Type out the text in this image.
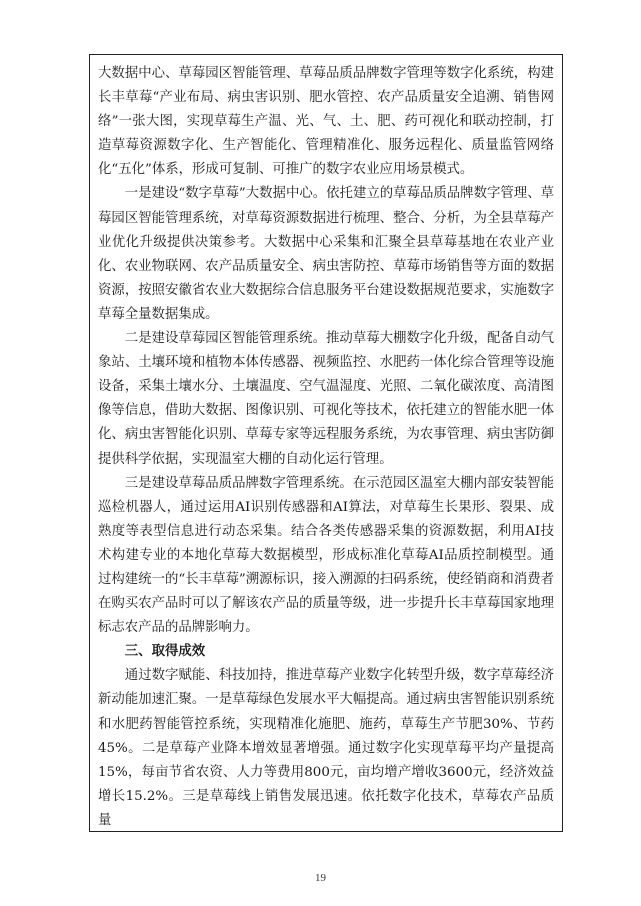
大数据中心、草莓园区智能管理、草莓品质品牌数字管理等数字化系统，构建长丰草莓“产业布局、病虫害识别、肥水管控、农产品质量安全追溯、销售网络”一张大图，实现草莓生产温、光、气、土、肥、药可视化和联动控制，打造草莓资源数字化、生产智能化、管理精准化、服务远程化、质量监管网络化“五化”体系，形成可复制、可推广的数字农业应用场景模式。

一是建设“数字草莓”大数据中心。依托建立的草莓品质品牌数字管理、草莓园区智能管理系统，对草莓资源数据进行梳理、整合、分析，为全县草莓产业优化升级提供决策参考。大数据中心采集和汇聚全县草莓基地在农业产业化、农业物联网、农产品质量安全、病虫害防控、草莓市场销售等方面的数据资源，按照安徽省农业大数据综合信息服务平台建设数据规范要求，实施数字草莓全量数据集成。

二是建设草莓园区智能管理系统。推动草莓大棚数字化升级，配备自动气象站、土壤环境和植物本体传感器、视频监控、水肥药一体化综合管理等设施设备，采集土壤水分、土壤温度、空气温湿度、光照、二氧化碳浓度、高清图像等信息，借助大数据、图像识别、可视化等技术，依托建立的智能水肥一体化、病虫害智能化识别、草莓专家等远程服务系统，为农事管理、病虫害防御提供科学依据，实现温室大棚的自动化运行管理。

三是建设草莓品质品牌数字管理系统。在示范园区温室大棚内部安装智能巡检机器人，通过运用AI识别传感器和AI算法，对草莓生长果形、裂果、成熟度等表型信息进行动态采集。结合各类传感器采集的资源数据，利用AI技术构建专业的本地化草莓大数据模型，形成标准化草莓AI品质控制模型。通过构建统一的“长丰草莓”溯源标识，接入溯源的扫码系统，使经销商和消费者在购买农产品时可以了解该农产品的质量等级，进一步提升长丰草莓国家地理标志农产品的品牌影响力。

三、取得成效

通过数字赋能、科技加持，推进草莓产业数字化转型升级，数字草莓经济新动能加速汇聚。一是草莓绿色发展水平大幅提高。通过病虫害智能识别系统和水肥药智能管控系统，实现精准化施肥、施药，草莓生产节肥30%、节药45%。二是草莓产业降本增效显著增强。通过数字化实现草莓平均产量提高15%，每亩节省农资、人力等费用800元，亩均增产增收3600元，经济效益增长15.2%。三是草莓线上销售发展迅速。依托数字化技术，草莓农产品质量

19
